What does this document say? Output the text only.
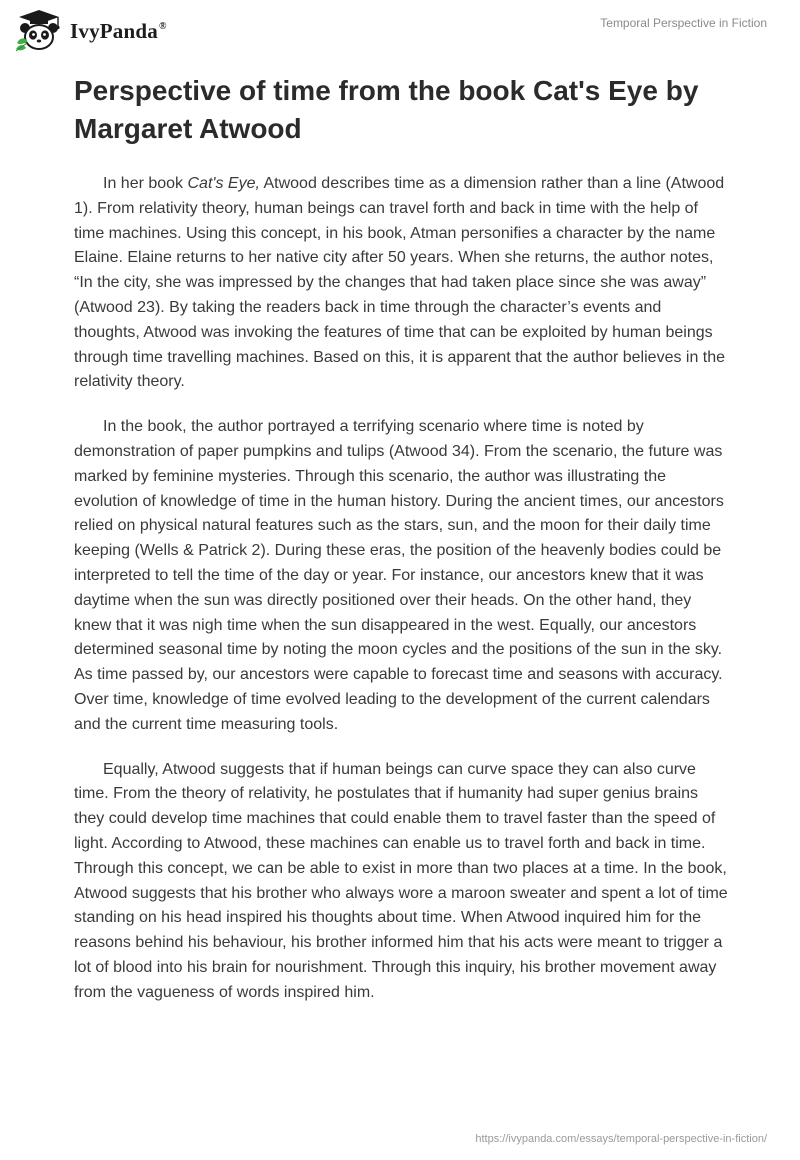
IvyPanda®	Temporal Perspective in Fiction
Perspective of time from the book Cat's Eye by Margaret Atwood

In her book Cat's Eye, Atwood describes time as a dimension rather than a line (Atwood 1). From relativity theory, human beings can travel forth and back in time with the help of time machines. Using this concept, in his book, Atman personifies a character by the name Elaine. Elaine returns to her native city after 50 years. When she returns, the author notes, “In the city, she was impressed by the changes that had taken place since she was away” (Atwood 23). By taking the readers back in time through the character’s events and thoughts, Atwood was invoking the features of time that can be exploited by human beings through time travelling machines. Based on this, it is apparent that the author believes in the relativity theory.

In the book, the author portrayed a terrifying scenario where time is noted by demonstration of paper pumpkins and tulips (Atwood 34). From the scenario, the future was marked by feminine mysteries. Through this scenario, the author was illustrating the evolution of knowledge of time in the human history. During the ancient times, our ancestors relied on physical natural features such as the stars, sun, and the moon for their daily time keeping (Wells & Patrick 2). During these eras, the position of the heavenly bodies could be interpreted to tell the time of the day or year. For instance, our ancestors knew that it was daytime when the sun was directly positioned over their heads. On the other hand, they knew that it was nigh time when the sun disappeared in the west. Equally, our ancestors determined seasonal time by noting the moon cycles and the positions of the sun in the sky. As time passed by, our ancestors were capable to forecast time and seasons with accuracy. Over time, knowledge of time evolved leading to the development of the current calendars and the current time measuring tools.

Equally, Atwood suggests that if human beings can curve space they can also curve time. From the theory of relativity, he postulates that if humanity had super genius brains they could develop time machines that could enable them to travel faster than the speed of light. According to Atwood, these machines can enable us to travel forth and back in time. Through this concept, we can be able to exist in more than two places at a time. In the book, Atwood suggests that his brother who always wore a maroon sweater and spent a lot of time standing on his head inspired his thoughts about time. When Atwood inquired him for the reasons behind his behaviour, his brother informed him that his acts were meant to trigger a lot of blood into his brain for nourishment. Through this inquiry, his brother movement away from the vagueness of words inspired him.

https://ivypanda.com/essays/temporal-perspective-in-fiction/
